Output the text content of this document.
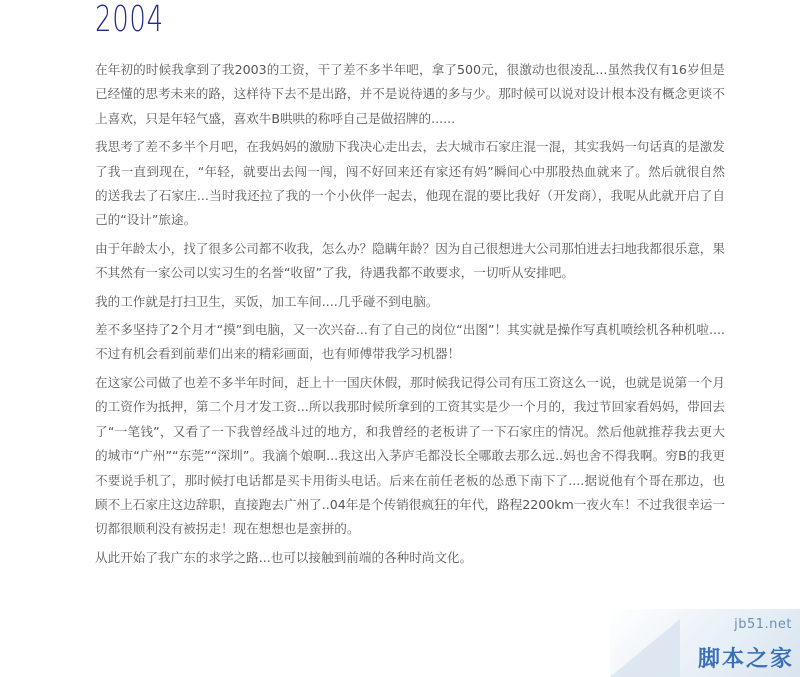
2004

在年初的时候我拿到了我2003的工资，干了差不多半年吧，拿了500元，很激动也很凌乱...虽然我仅有16岁但是已经懂的思考未来的路，这样待下去不是出路，并不是说待遇的多与少。那时候可以说对设计根本没有概念更谈不上喜欢，只是年轻气盛，喜欢牛B哄哄的称呼自己是做招牌的......

我思考了差不多半个月吧，在我妈妈的激励下我决心走出去，去大城市石家庄混一混，其实我妈一句话真的是激发了我一直到现在，“年轻，就要出去闯一闯，闯不好回来还有家还有妈”瞬间心中那股热血就来了。然后就很自然的送我去了石家庄...当时我还拉了我的一个小伙伴一起去，他现在混的要比我好（开发商），我呢从此就开启了自己的“设计”旅途。

由于年龄太小，找了很多公司都不收我，怎么办？隐瞒年龄？因为自己很想进大公司那怕进去扫地我都很乐意，果不其然有一家公司以实习生的名誉“收留”了我，待遇我都不敢要求，一切听从安排吧。

我的工作就是打扫卫生，买饭，加工车间....几乎碰不到电脑。

差不多坚持了2个月才“摸”到电脑，又一次兴奋...有了自己的岗位“出图”！其实就是操作写真机喷绘机各种机啦....不过有机会看到前辈们出来的精彩画面，也有师傅带我学习机器！

在这家公司做了也差不多半年时间，赶上十一国庆休假，那时候我记得公司有压工资这么一说，也就是说第一个月的工资作为抵押，第二个月才发工资...所以我那时候所拿到的工资其实是少一个月的，我过节回家看妈妈，带回去了“一笔钱”，又看了一下我曾经战斗过的地方，和我曾经的老板讲了一下石家庄的情况。然后他就推荐我去更大的城市“广州”“东莞”“深圳”。我滴个娘啊...我这出入茅庐毛都没长全哪敢去那么远..妈也舍不得我啊。穷B的我更不要说手机了，那时候打电话都是买卡用街头电话。后来在前任老板的怂恿下南下了....据说他有个哥在那边，也顾不上石家庄这边辞职，直接跑去广州了..04年是个传销很疯狂的年代，路程2200km一夜火车！不过我很幸运一切都很顺利没有被拐走！现在想想也是蛮拼的。

从此开始了我广东的求学之路...也可以接触到前端的各种时尚文化。

jb51.net
脚本之家
